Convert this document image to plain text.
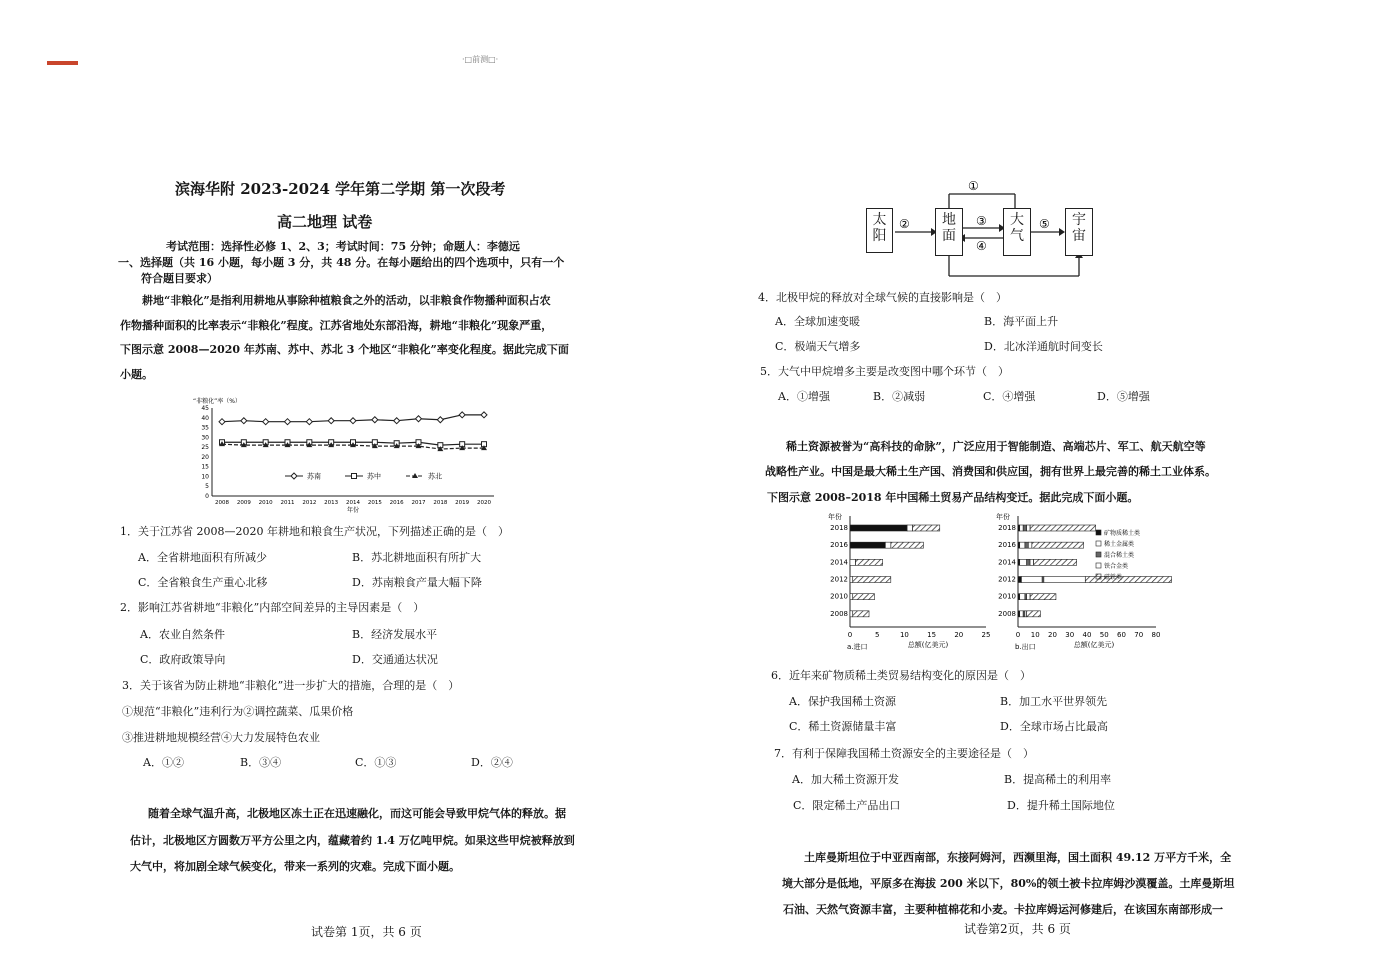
·□前测□·
滨海华附 2023-2024 学年第二学期 第一次段考
高二地理 试卷
考试范围：选择性必修 1、2、3；考试时间：75 分钟；命题人：李德远
一、选择题（共 16 小题，每小题 3 分，共 48 分。在每小题给出的四个选项中，只有一个
符合题目要求）
耕地“非粮化”是指利用耕地从事除种植粮食之外的活动，以非粮食作物播种面积占农
作物播种面积的比率表示“非粮化”程度。江苏省地处东部沿海，耕地“非粮化”现象严重，
下图示意 2008—2020 年苏南、苏中、苏北 3 个地区“非粮化”率变化程度。据此完成下面
小题。
“非粮化”率（%）
0
5
10
15
20
25
30
35
40
45
2008 2009 2010 2011 2012 2013 2014 2015 2016 2017 2018 2019 2020
年份
苏南	苏中	苏北
1．关于江苏省 2008—2020 年耕地和粮食生产状况，下列描述正确的是（　）
A．全省耕地面积有所减少	B．苏北耕地面积有所扩大
C．全省粮食生产重心北移	D．苏南粮食产量大幅下降
2．影响江苏省耕地“非粮化”内部空间差异的主导因素是（　）
A．农业自然条件	B．经济发展水平
C．政府政策导向	D．交通通达状况
3．关于该省为防止耕地“非粮化”进一步扩大的措施，合理的是（　）
①规范“非粮化”违利行为②调控蔬菜、瓜果价格
③推进耕地规模经营④大力发展特色农业
A．①②	B．③④	C．①③	D．②④
随着全球气温升高，北极地区冻土正在迅速融化，而这可能会导致甲烷气体的释放。据
估计，北极地区方圆数万平方公里之内，蕴藏着约 1.4 万亿吨甲烷。如果这些甲烷被释放到
大气中，将加剧全球气候变化，带来一系列的灾难。完成下面小题。
试卷第 1页，共 6 页
①
②	③
④
⑤
太阳
地面
大气
宇宙
4．北极甲烷的释放对全球气候的直接影响是（　）
A．全球加速变暖	B．海平面上升
C．极端天气增多	D．北冰洋通航时间变长
5．大气中甲烷增多主要是改变图中哪个环节（　）
A．①增强	B．②减弱	C．④增强	D．⑤增强
稀土资源被誉为“高科技的命脉”，广泛应用于智能制造、高端芯片、军工、航天航空等
战略性产业。中国是最大稀土生产国、消费国和供应国，拥有世界上最完善的稀土工业体系。
下图示意 2008–2018 年中国稀土贸易产品结构变迁。据此完成下面小题。
年份
0	5	10	15	20	25
a.进口
2018
2016
2014
2012
2010
2008
年份
0 10 20 30 40 50 60 70 80
b.出口
2018
2016
2014
2012
2010
2008
总额(亿美元)
总额(亿美元)
矿物质稀土类
稀土金属类
混合稀土类
铁合金类
磁铁类
6．近年来矿物质稀土类贸易结构变化的原因是（　）
A．保护我国稀土资源	B．加工水平世界领先
C．稀土资源储量丰富	D．全球市场占比最高
7．有利于保障我国稀土资源安全的主要途径是（　）
A．加大稀土资源开发	B．提高稀土的利用率
C．限定稀土产品出口	D．提升稀土国际地位
土库曼斯坦位于中亚西南部，东接阿姆河，西濒里海，国土面积 49.12 万平方千米，全
境大部分是低地，平原多在海拔 200 米以下，80%的领土被卡拉库姆沙漠覆盖。土库曼斯坦
石油、天然气资源丰富，主要种植棉花和小麦。卡拉库姆运河修建后，在该国东南部形成一
试卷第2页，共 6 页
